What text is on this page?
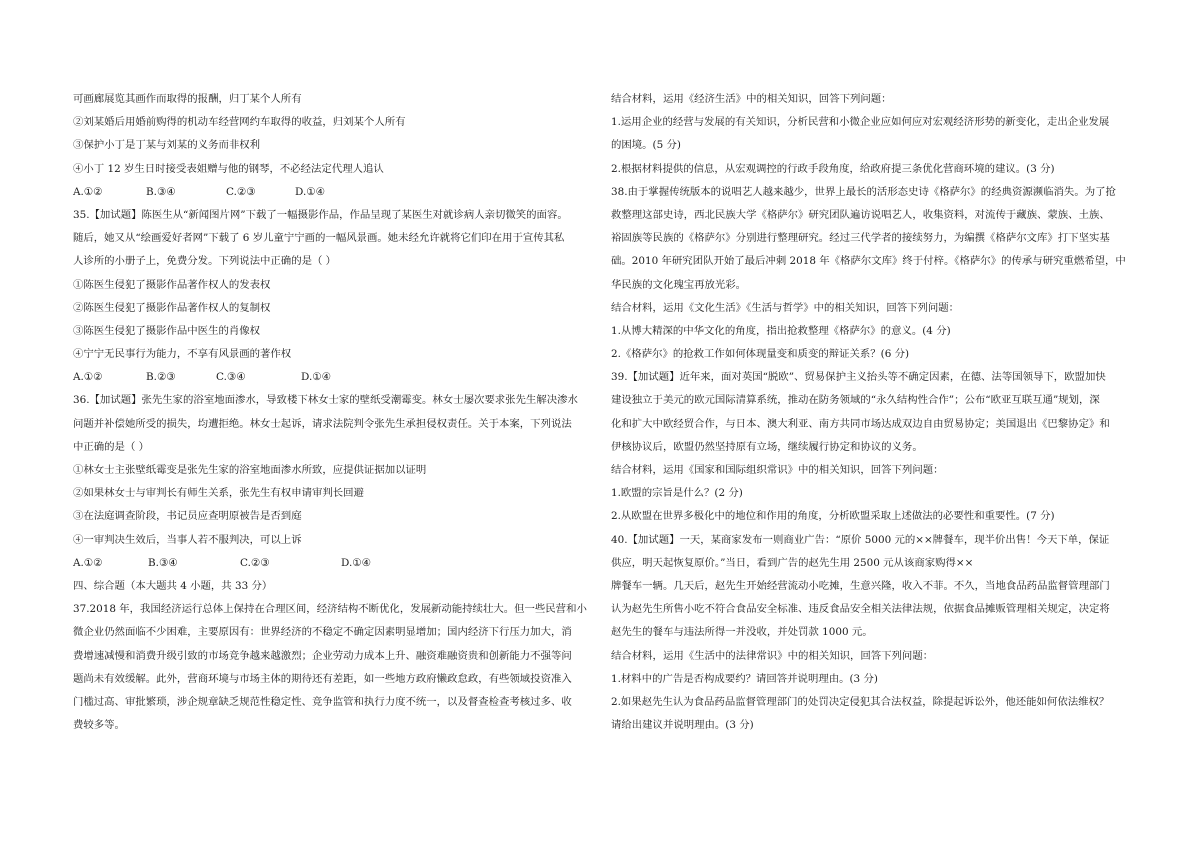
可画廊展览其画作而取得的报酬，归丁某个人所有

②刘某婚后用婚前购得的机动车经营网约车取得的收益，归刘某个人所有

③保护小丁是丁某与刘某的义务而非权利

④小丁 12 岁生日时接受表姐赠与他的钢琴，不必经法定代理人追认

A.①②	B.③④	C.②③	D.①④

35.【加试题】陈医生从“新闻图片网”下载了一幅摄影作品，作品呈现了某医生对就诊病人亲切微笑的面容。

随后，她又从“绘画爱好者网”下载了 6 岁儿童宁宁画的一幅风景画。她未经允许就将它们印在用于宣传其私

人诊所的小册子上，免费分发。下列说法中正确的是（ ）

①陈医生侵犯了摄影作品著作权人的发表权

②陈医生侵犯了摄影作品著作权人的复制权

③陈医生侵犯了摄影作品中医生的肖像权

④宁宁无民事行为能力，不享有风景画的著作权

A.①②	B.②③	C.③④	D.①④

36.【加试题】张先生家的浴室地面渗水，导致楼下林女士家的壁纸受潮霉变。林女士屡次要求张先生解决渗水

问题并补偿她所受的损失，均遭拒绝。林女士起诉，请求法院判令张先生承担侵权责任。关于本案，下列说法

中正确的是（ ）

①林女士主张壁纸霉变是张先生家的浴室地面渗水所致，应提供证据加以证明

②如果林女士与审判长有师生关系，张先生有权申请审判长回避

③在法庭调查阶段，书记员应查明原被告是否到庭

④一审判决生效后，当事人若不服判决，可以上诉

A.①②	B.③④	C.②③	D.①④

四、综合题（本大题共 4 小题，共 33 分）

37.2018 年，我国经济运行总体上保持在合理区间，经济结构不断优化，发展新动能持续壮大。但一些民营和小

微企业仍然面临不少困难，主要原因有：世界经济的不稳定不确定因素明显增加；国内经济下行压力加大，消

费增速减慢和消费升级引致的市场竞争越来越激烈；企业劳动力成本上升、融资难融资贵和创新能力不强等问

题尚未有效缓解。此外，营商环境与市场主体的期待还有差距，如一些地方政府懒政怠政，有些领域投资准入

门槛过高、审批繁琐，涉企规章缺乏规范性稳定性、竞争监管和执行力度不统一，以及督查检查考核过多、收

费较多等。

结合材料，运用《经济生活》中的相关知识，回答下列问题：

1.运用企业的经营与发展的有关知识，分析民营和小微企业应如何应对宏观经济形势的新变化，走出企业发展

的困境。(5 分)

2.根据材料提供的信息，从宏观调控的行政手段角度，给政府提三条优化营商环境的建议。(3 分)

38.由于掌握传统版本的说唱艺人越来越少，世界上最长的活形态史诗《格萨尔》的经典资源濒临消失。为了抢

救整理这部史诗，西北民族大学《格萨尔》研究团队遍访说唱艺人，收集资料，对流传于藏族、蒙族、土族、

裕固族等民族的《格萨尔》分别进行整理研究。经过三代学者的接续努力，为编撰《格萨尔文库》打下坚实基

础。2010 年研究团队开始了最后冲刺 2018 年《格萨尔文库》终于付梓。《格萨尔》的传承与研究重燃希望，中

华民族的文化瑰宝再放光彩。

结合材料，运用《文化生活》《生活与哲学》中的相关知识，回答下列问题：

1.从博大精深的中华文化的角度，指出抢救整理《格萨尔》的意义。(4 分)

2.《格萨尔》的抢救工作如何体现量变和质变的辩证关系？(6 分)

39.【加试题】近年来，面对英国“脱欧”、贸易保护主义抬头等不确定因素，在德、法等国领导下，欧盟加快

建设独立于美元的欧元国际清算系统，推动在防务领域的“永久结构性合作”；公布“欧亚互联互通”规划，深

化和扩大中欧经贸合作，与日本、澳大利亚、南方共同市场达成双边自由贸易协定；美国退出《巴黎协定》和

伊核协议后，欧盟仍然坚持原有立场，继续履行协定和协议的义务。

结合材料，运用《国家和国际组织常识》中的相关知识，回答下列问题：

1.欧盟的宗旨是什么？(2 分)

2.从欧盟在世界多极化中的地位和作用的角度，分析欧盟采取上述做法的必要性和重要性。(7 分)

40.【加试题】一天，某商家发布一则商业广告：“原价 5000 元的××牌餐车，现半价出售！今天下单，保证

供应，明天起恢复原价。”当日，看到广告的赵先生用 2500 元从该商家购得××

牌餐车一辆。几天后，赵先生开始经营流动小吃摊，生意兴隆，收入不菲。不久，当地食品药品监督管理部门

认为赵先生所售小吃不符合食品安全标准、违反食品安全相关法律法规，依据食品摊贩管理相关规定，决定将

赵先生的餐车与违法所得一并没收，并处罚款 1000 元。

结合材料，运用《生活中的法律常识》中的相关知识，回答下列问题：

1.材料中的广告是否构成要约？请回答并说明理由。(3 分)

2.如果赵先生认为食品药品监督管理部门的处罚决定侵犯其合法权益，除提起诉讼外，他还能如何依法维权？

请给出建议并说明理由。(3 分)
